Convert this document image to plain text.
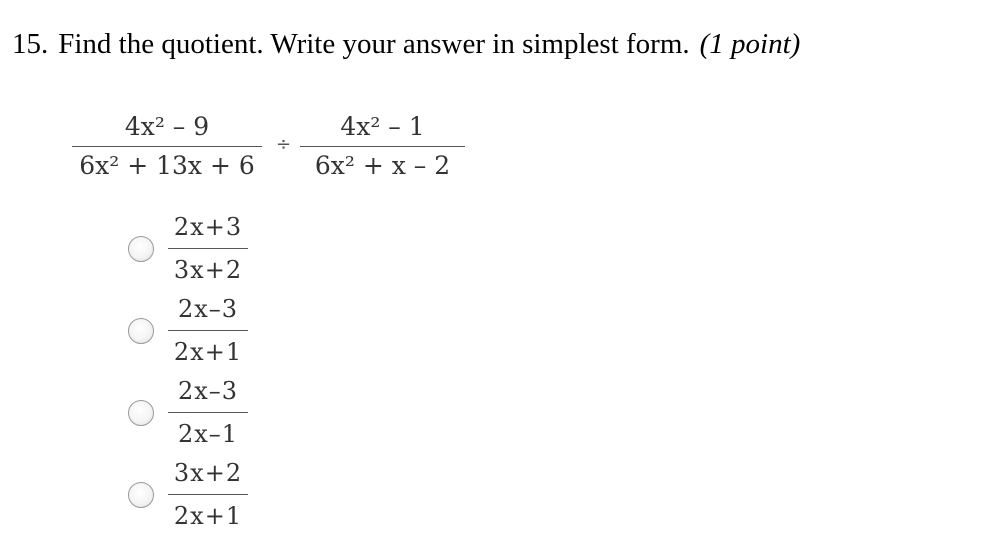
15. Find the quotient. Write your answer in simplest form. (1 point)
4x² – 9
6x² + 13x + 6
÷
4x² – 1
6x² + x – 2
2x+3
3x+2
2x–3
2x+1
2x–3
2x–1
3x+2
2x+1
